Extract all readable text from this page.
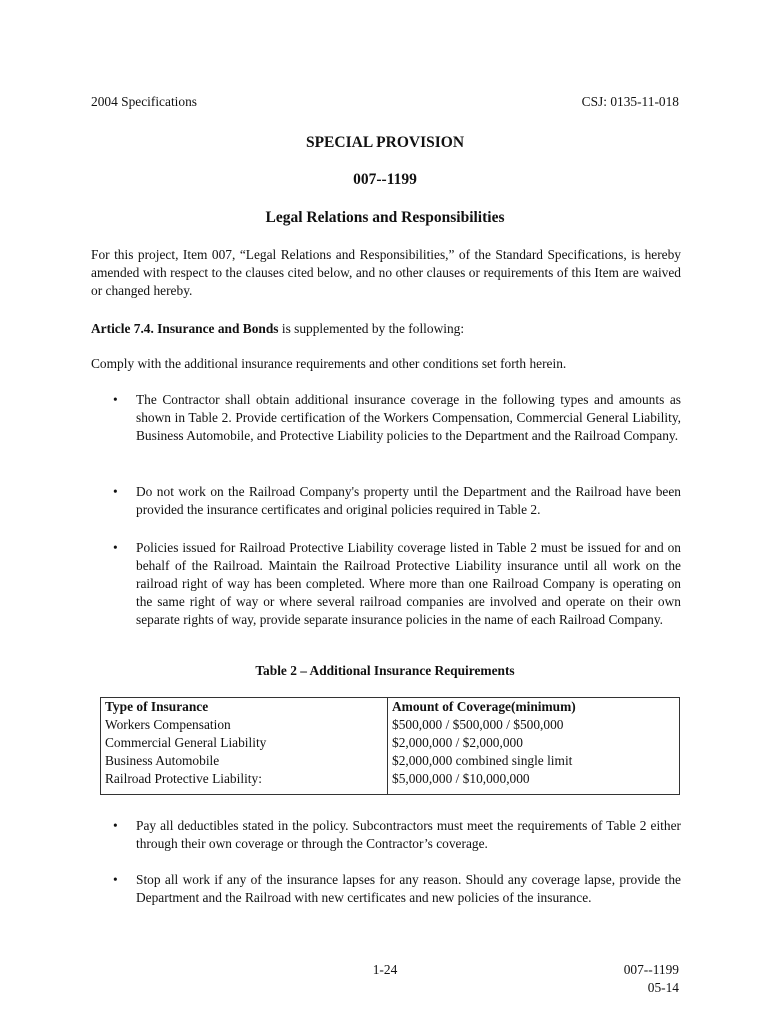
2004 Specifications	CSJ: 0135-11-018
SPECIAL PROVISION
007--1199
Legal Relations and Responsibilities
For this project, Item 007, “Legal Relations and Responsibilities,” of the Standard Specifications, is hereby amended with respect to the clauses cited below, and no other clauses or requirements of this Item are waived or changed hereby.
Article 7.4. Insurance and Bonds is supplemented by the following:
Comply with the additional insurance requirements and other conditions set forth herein.
•	The Contractor shall obtain additional insurance coverage in the following types and amounts as shown in Table 2. Provide certification of the Workers Compensation, Commercial General Liability, Business Automobile, and Protective Liability policies to the Department and the Railroad Company.
•	Do not work on the Railroad Company's property until the Department and the Railroad have been provided the insurance certificates and original policies required in Table 2.
•	Policies issued for Railroad Protective Liability coverage listed in Table 2 must be issued for and on behalf of the Railroad. Maintain the Railroad Protective Liability insurance until all work on the railroad right of way has been completed. Where more than one Railroad Company is operating on the same right of way or where several railroad companies are involved and operate on their own separate rights of way, provide separate insurance policies in the name of each Railroad Company.
Table 2 – Additional Insurance Requirements
Type of Insurance	Amount of Coverage(minimum)
Workers Compensation	$500,000 / $500,000 / $500,000
Commercial General Liability	$2,000,000 / $2,000,000
Business Automobile	$2,000,000 combined single limit
Railroad Protective Liability:	$5,000,000 / $10,000,000
•	Pay all deductibles stated in the policy. Subcontractors must meet the requirements of Table 2 either through their own coverage or through the Contractor’s coverage.
•	Stop all work if any of the insurance lapses for any reason. Should any coverage lapse, provide the Department and the Railroad with new certificates and new policies of the insurance.
1-24	007--1199
05-14
